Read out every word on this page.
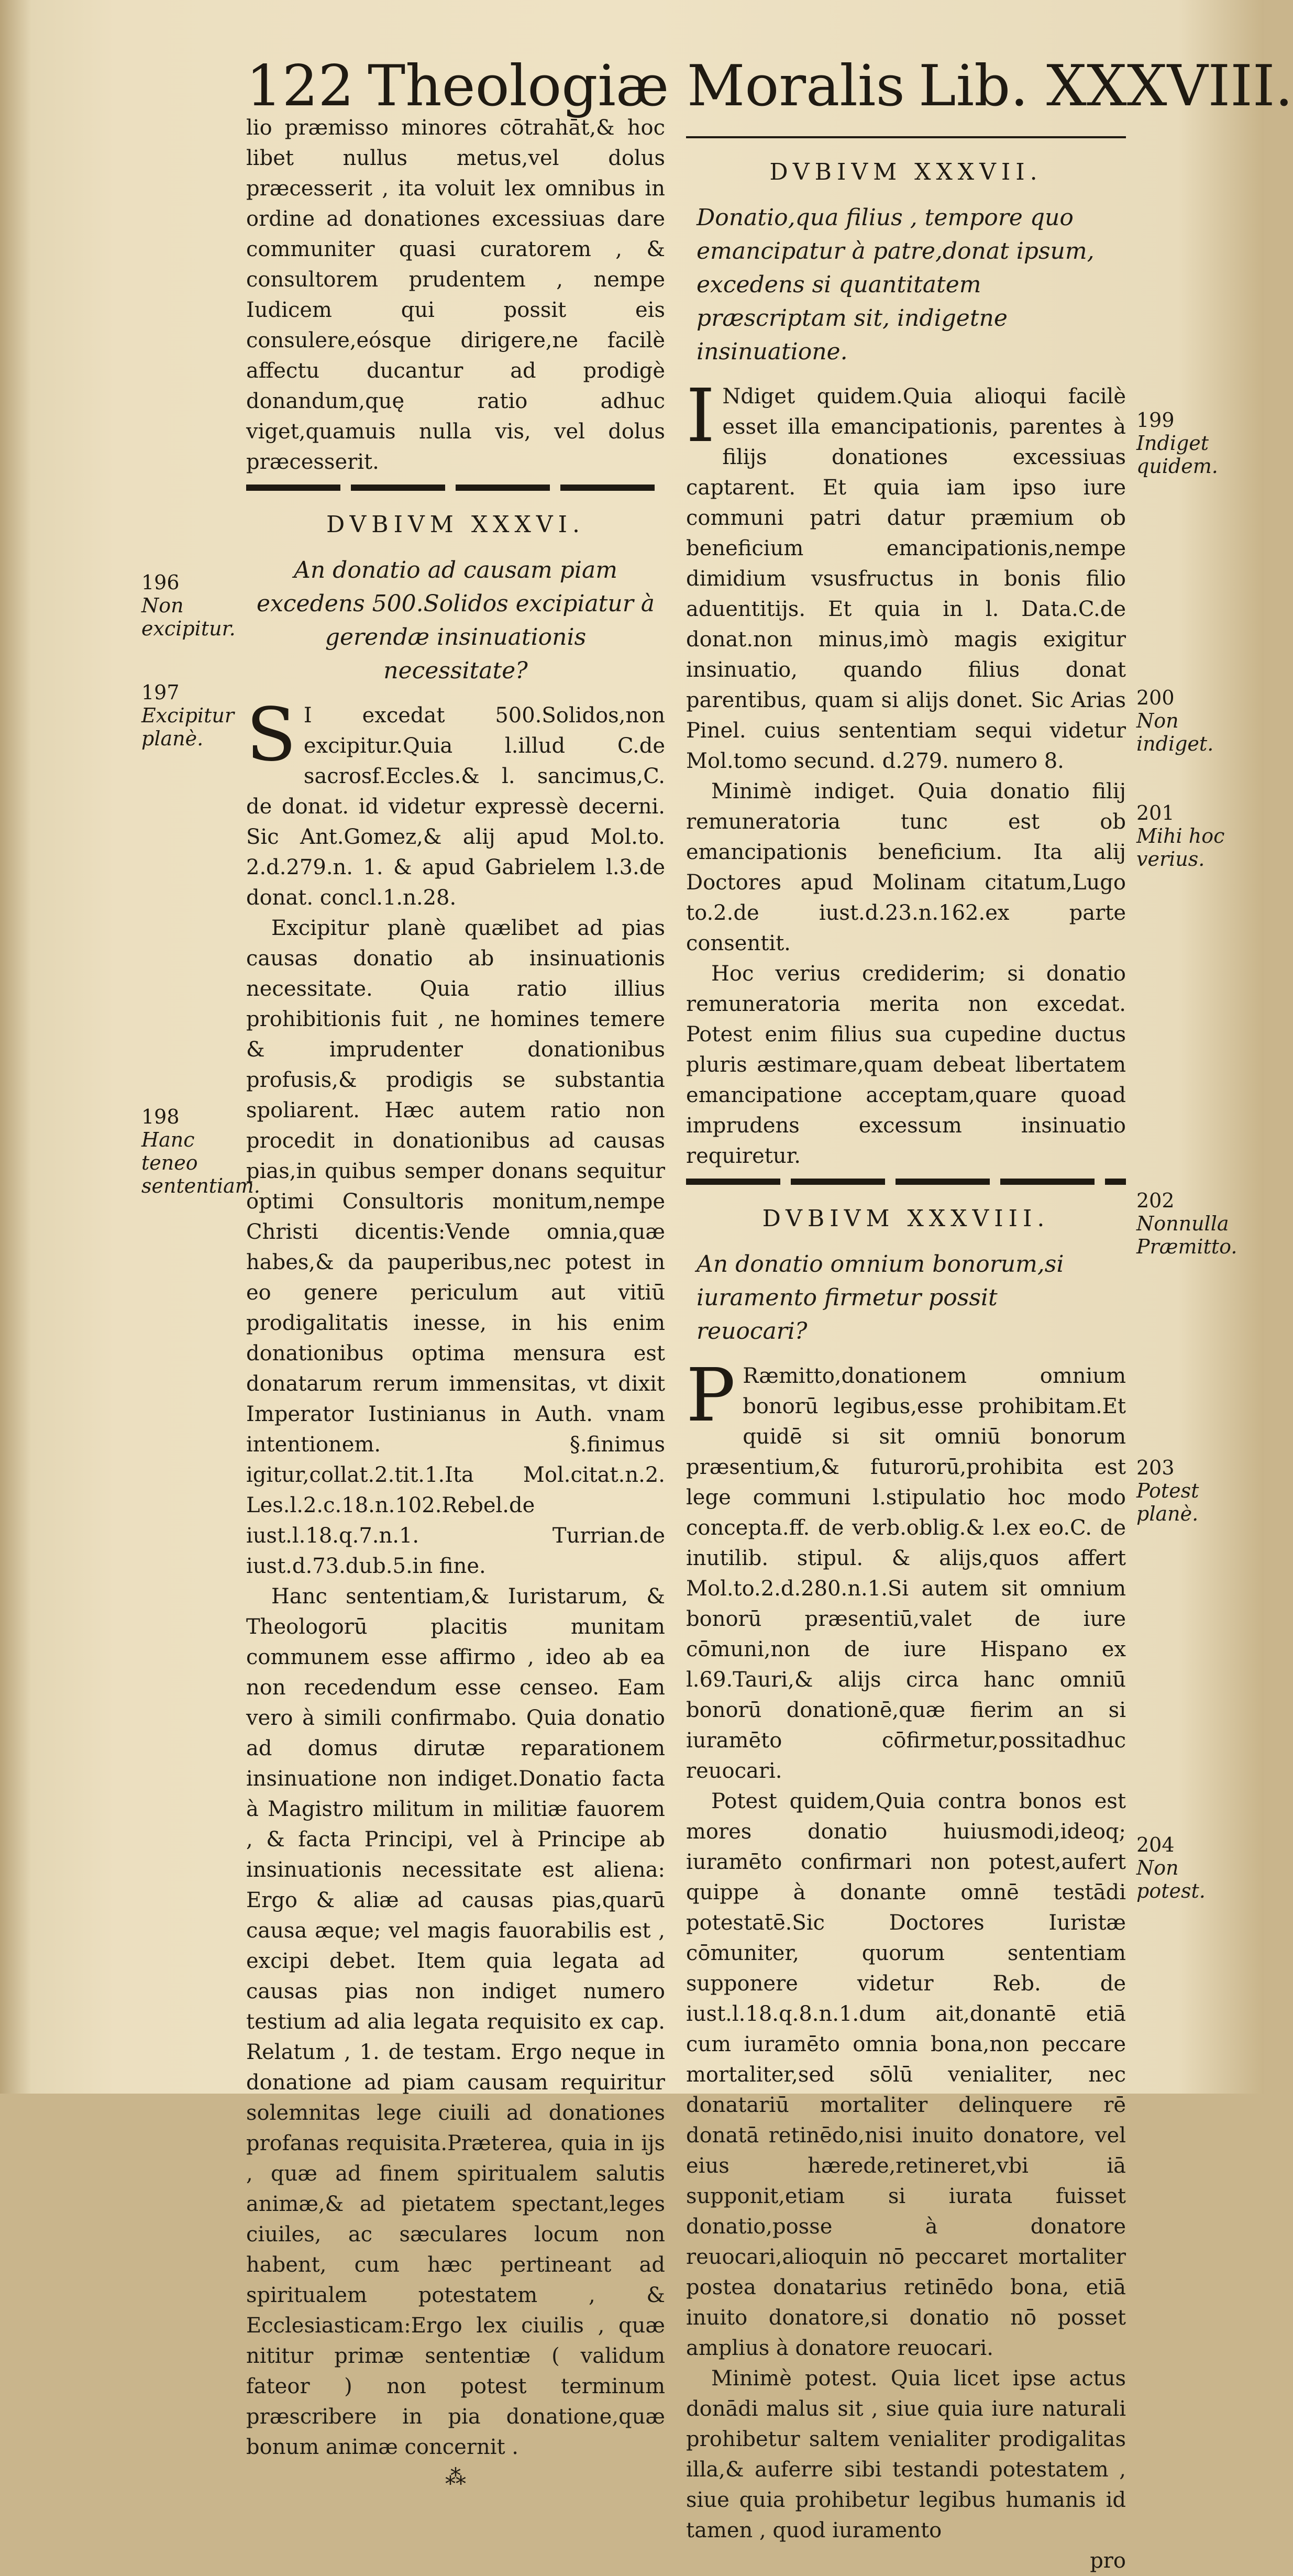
122 Theologiæ Moralis Lib. XXXVIII.

lio præmisso minores cōtrahāt,& hoc libet nullus metus,vel dolus præcesserit , ita voluit lex omnibus in ordine ad donationes excessiuas dare communiter quasi curatorem , & consultorem prudentem , nempe Iudicem qui possit eis consulere,eósque dirigere,ne facilè affectu ducantur ad prodigè donandum,quę ratio adhuc viget,quamuis nulla vis, vel dolus præcesserit.

DVBIVM XXXVI.
An donatio ad causam piam excedens 500.Solidos excipiatur à gerendæ insinuationis necessitate?

S I excedat 500.Solidos,non excipitur.Quia l.illud C.de sacrosf.Eccles.& l. sancimus,C. de donat. id videtur expressè decerni. Sic Ant.Gomez,& alij apud Mol.to. 2.d.279.n. 1. & apud Gabrielem l.3.de donat. concl.1.n.28.

Excipitur planè quælibet ad pias causas donatio ab insinuationis necessitate. Quia ratio illius prohibitionis fuit , ne homines temere & imprudenter donationibus profusis,& prodigis se substantia spoliarent. Hæc autem ratio non procedit in donationibus ad causas pias,in quibus semper donans sequitur optimi Consultoris monitum,nempe Christi dicentis:Vende omnia,quæ habes,& da pauperibus,nec potest in eo genere periculum aut vitiū prodigalitatis inesse, in his enim donationibus optima mensura est donatarum rerum immensitas, vt dixit Imperator Iustinianus in Auth. vnam intentionem. §.finimus igitur,collat.2.tit.1.Ita Mol.citat.n.2. Les.l.2.c.18.n.102.Rebel.de iust.l.18.q.7.n.1. Turrian.de iust.d.73.dub.5.in fine.

Hanc sententiam,& Iuristarum, & Theologorū placitis munitam communem esse affirmo , ideo ab ea non recedendum esse censeo. Eam vero à simili confirmabo. Quia donatio ad domus dirutæ reparationem insinuatione non indiget.Donatio facta à Magistro militum in militiæ fauorem , & facta Principi, vel à Principe ab insinuationis necessitate est aliena: Ergo & aliæ ad causas pias,quarū causa æque; vel magis fauorabilis est , excipi debet. Item quia legata ad causas pias non indiget numero testium ad alia legata requisito ex cap. Relatum , 1. de testam. Ergo neque in donatione ad piam causam requiritur solemnitas lege ciuili ad donationes profanas requisita.Præterea, quia in ijs , quæ ad finem spiritualem salutis animæ,& ad pietatem spectant,leges ciuiles, ac sæculares locum non habent, cum hæc pertineant ad spiritualem potestatem , & Ecclesiasticam:Ergo lex ciuilis , quæ nititur primæ sententiæ ( validum fateor ) non potest terminum præscribere in pia donatione,quæ bonum animæ concernit .

⁂
DVBIVM XXXVII.
Donatio,qua filius , tempore quo emancipatur à patre,donat ipsum, excedens si quantitatem præscriptam sit, indigetne insinuatione.

I Ndiget quidem.Quia alioqui facilè esset illa emancipationis, parentes à filijs donationes excessiuas captarent. Et quia iam ipso iure communi patri datur præmium ob beneficium emancipationis,nempe dimidium vsusfructus in bonis filio aduentitijs. Et quia in l. Data.C.de donat.non minus,imò magis exigitur insinuatio, quando filius donat parentibus, quam si alijs donet. Sic Arias Pinel. cuius sententiam sequi videtur Mol.tomo secund. d.279. numero 8.

Minimè indiget. Quia donatio filij remuneratoria tunc est ob emancipationis beneficium. Ita alij Doctores apud Molinam citatum,Lugo to.2.de iust.d.23.n.162.ex parte consentit.

Hoc verius crediderim; si donatio remuneratoria merita non excedat. Potest enim filius sua cupedine ductus pluris æstimare,quam debeat libertatem emancipatione acceptam,quare quoad imprudens excessum insinuatio requiretur.

DVBIVM XXXVIII.
An donatio omnium bonorum,si iuramento firmetur possit reuocari?

P Ræmitto,donationem omnium bonorū legibus,esse prohibitam.Et quidē si sit omniū bonorum præsentium,& futurorū,prohibita est lege communi l.stipulatio hoc modo concepta.ff. de verb.oblig.& l.ex eo.C. de inutilib. stipul. & alijs,quos affert Mol.to.2.d.280.n.1.Si autem sit omnium bonorū præsentiū,valet de iure cōmuni,non de iure Hispano ex l.69.Tauri,& alijs circa hanc omniū bonorū donationē,quæ fierim an si iuramēto cōfirmetur,possitadhuc reuocari.

Potest quidem,Quia contra bonos est mores donatio huiusmodi,ideoq; iuramēto confirmari non potest,aufert quippe à donante omnē testādi potestatē.Sic Doctores Iuristæ cōmuniter, quorum sententiam supponere videtur Reb. de iust.l.18.q.8.n.1.dum ait,donantē etiā cum iuramēto omnia bona,non peccare mortaliter,sed sōlū venialiter, nec donatariū mortaliter delinquere rē donatā retinēdo,nisi inuito donatore, vel eius hærede,retineret,vbi iā supponit,etiam si iurata fuisset donatio,posse à donatore reuocari,alioquin nō peccaret mortaliter postea donatarius retinēdo bona, etiā inuito donatore,si donatio nō posset amplius à donatore reuocari.

Minimè potest. Quia licet ipse actus donādi malus sit , siue quia iure naturali prohibetur saltem venialiter prodigalitas illa,& auferre sibi testandi potestatem , siue quia prohibetur legibus humanis id tamen , quod iuramento

pro

196
Non excipitur.
197
Excipitur planè.
198
Hanc teneo sententiam.
199
Indiget quidem.
200
Non indiget.
201
Mihi hoc verius.
202
Nonnulla Præmitto.
203
Potest planè.
204
Non potest.
